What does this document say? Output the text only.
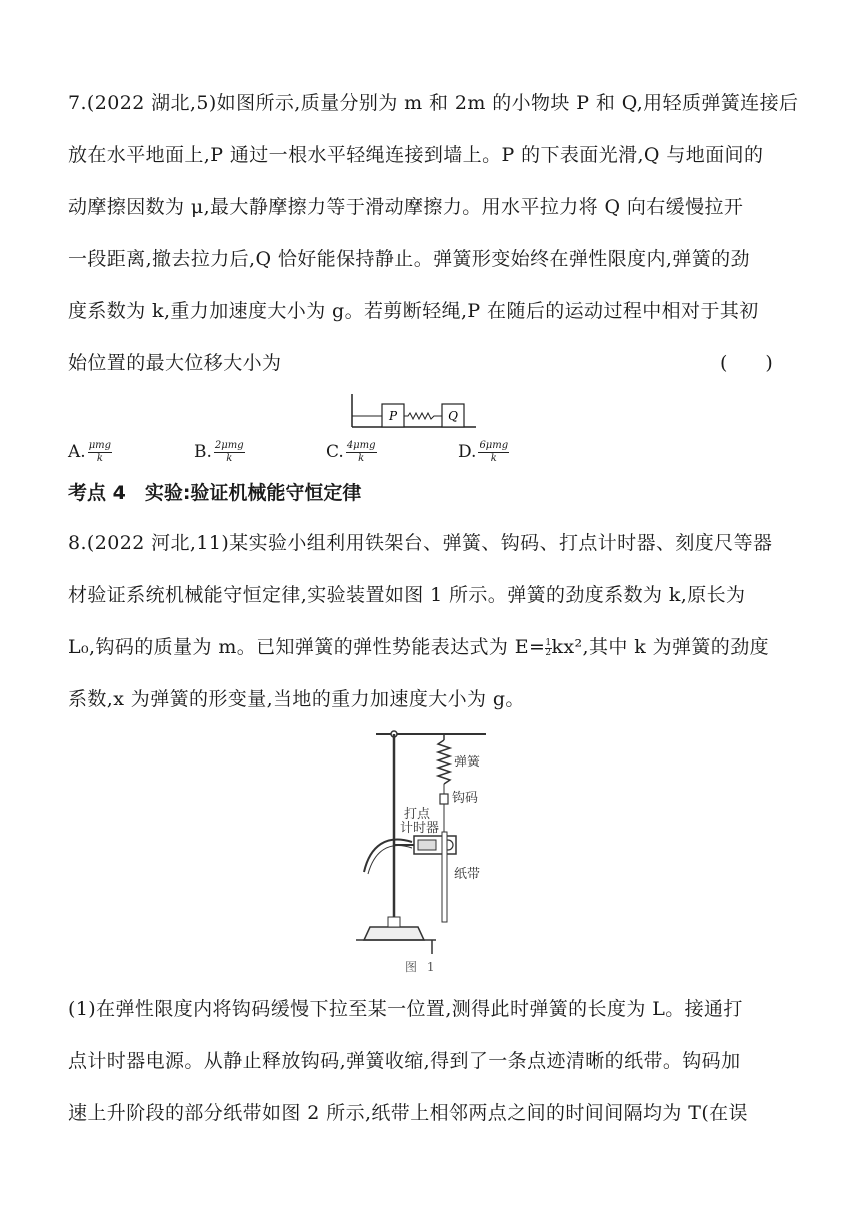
7.(2022 湖北,5)如图所示,质量分别为 m 和 2m 的小物块 P 和 Q,用轻质弹簧连接后
放在水平地面上,P 通过一根水平轻绳连接到墙上。P 的下表面光滑,Q 与地面间的
动摩擦因数为 μ,最大静摩擦力等于滑动摩擦力。用水平拉力将 Q 向右缓慢拉开
一段距离,撤去拉力后,Q 恰好能保持静止。弹簧形变始终在弹性限度内,弹簧的劲
度系数为 k,重力加速度大小为 g。若剪断轻绳,P 在随后的运动过程中相对于其初
始位置的最大位移大小为	(　　)
P	Q
A. $\frac{\text{μmg}}{k}$	B. $\frac{\text{2μmg}}{k}$	C. $\frac{\text{4μmg}}{k}$	D. $\frac{\text{6μmg}}{k}$
考点 4　实验:验证机械能守恒定律
8.(2022 河北,11)某实验小组利用铁架台、弹簧、钩码、打点计时器、刻度尺等器
材验证系统机械能守恒定律,实验装置如图 1 所示。弹簧的劲度系数为 k,原长为
L₀,钩码的质量为 m。已知弹簧的弹性势能表达式为 $E= \frac{1}{2}kx^2$,其中 k 为弹簧的劲度
系数,x 为弹簧的形变量,当地的重力加速度大小为 g。
弹簧
钩码
打点
计时器
纸带
图 1
(1)在弹性限度内将钩码缓慢下拉至某一位置,测得此时弹簧的长度为 L。接通打
点计时器电源。从静止释放钩码,弹簧收缩,得到了一条点迹清晰的纸带。钩码加
速上升阶段的部分纸带如图 2 所示,纸带上相邻两点之间的时间间隔均为 T(在误
